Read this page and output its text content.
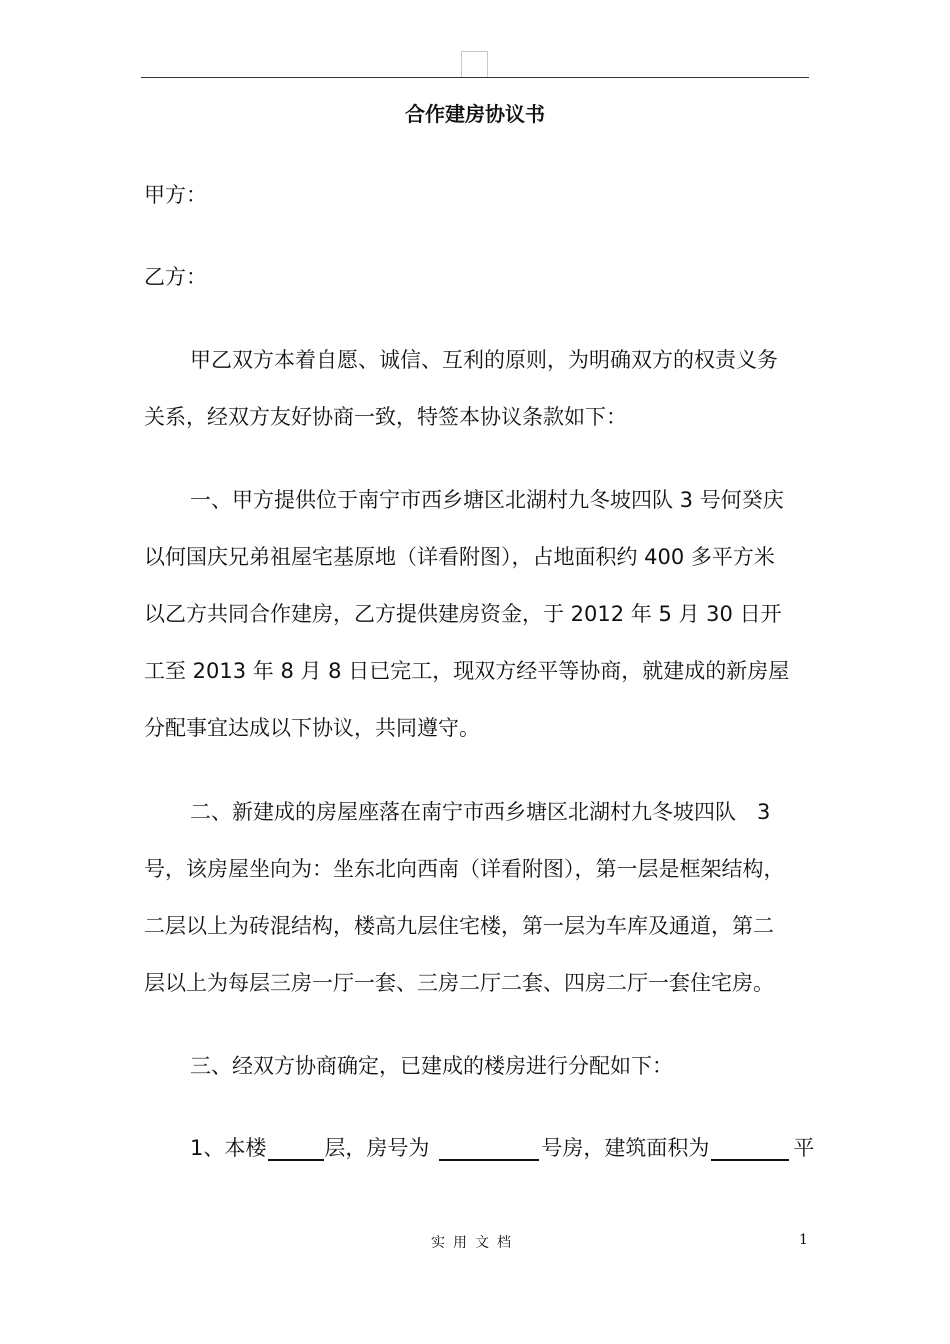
合作建房协议书
甲方：
乙方：
甲乙双方本着自愿、诚信、互利的原则，为明确双方的权责义务
关系，经双方友好协商一致，特签本协议条款如下：
一、甲方提供位于南宁市西乡塘区北湖村九冬坡四队 3 号何癸庆
以何国庆兄弟祖屋宅基原地（详看附图），占地面积约 400 多平方米
以乙方共同合作建房，乙方提供建房资金，于 2012 年 5 月 30 日开
工至 2013 年 8 月 8 日已完工，现双方经平等协商，就建成的新房屋
分配事宜达成以下协议，共同遵守。
二、新建成的房屋座落在南宁市西乡塘区北湖村九冬坡四队　3
号，该房屋坐向为：坐东北向西南（详看附图），第一层是框架结构，
二层以上为砖混结构，楼高九层住宅楼，第一层为车库及通道，第二
层以上为每层三房一厅一套、三房二厅二套、四房二厅一套住宅房。
三、经双方协商确定，已建成的楼房进行分配如下：
1、本楼	层，房号为	号房，建筑面积为	平
实用文档	1
